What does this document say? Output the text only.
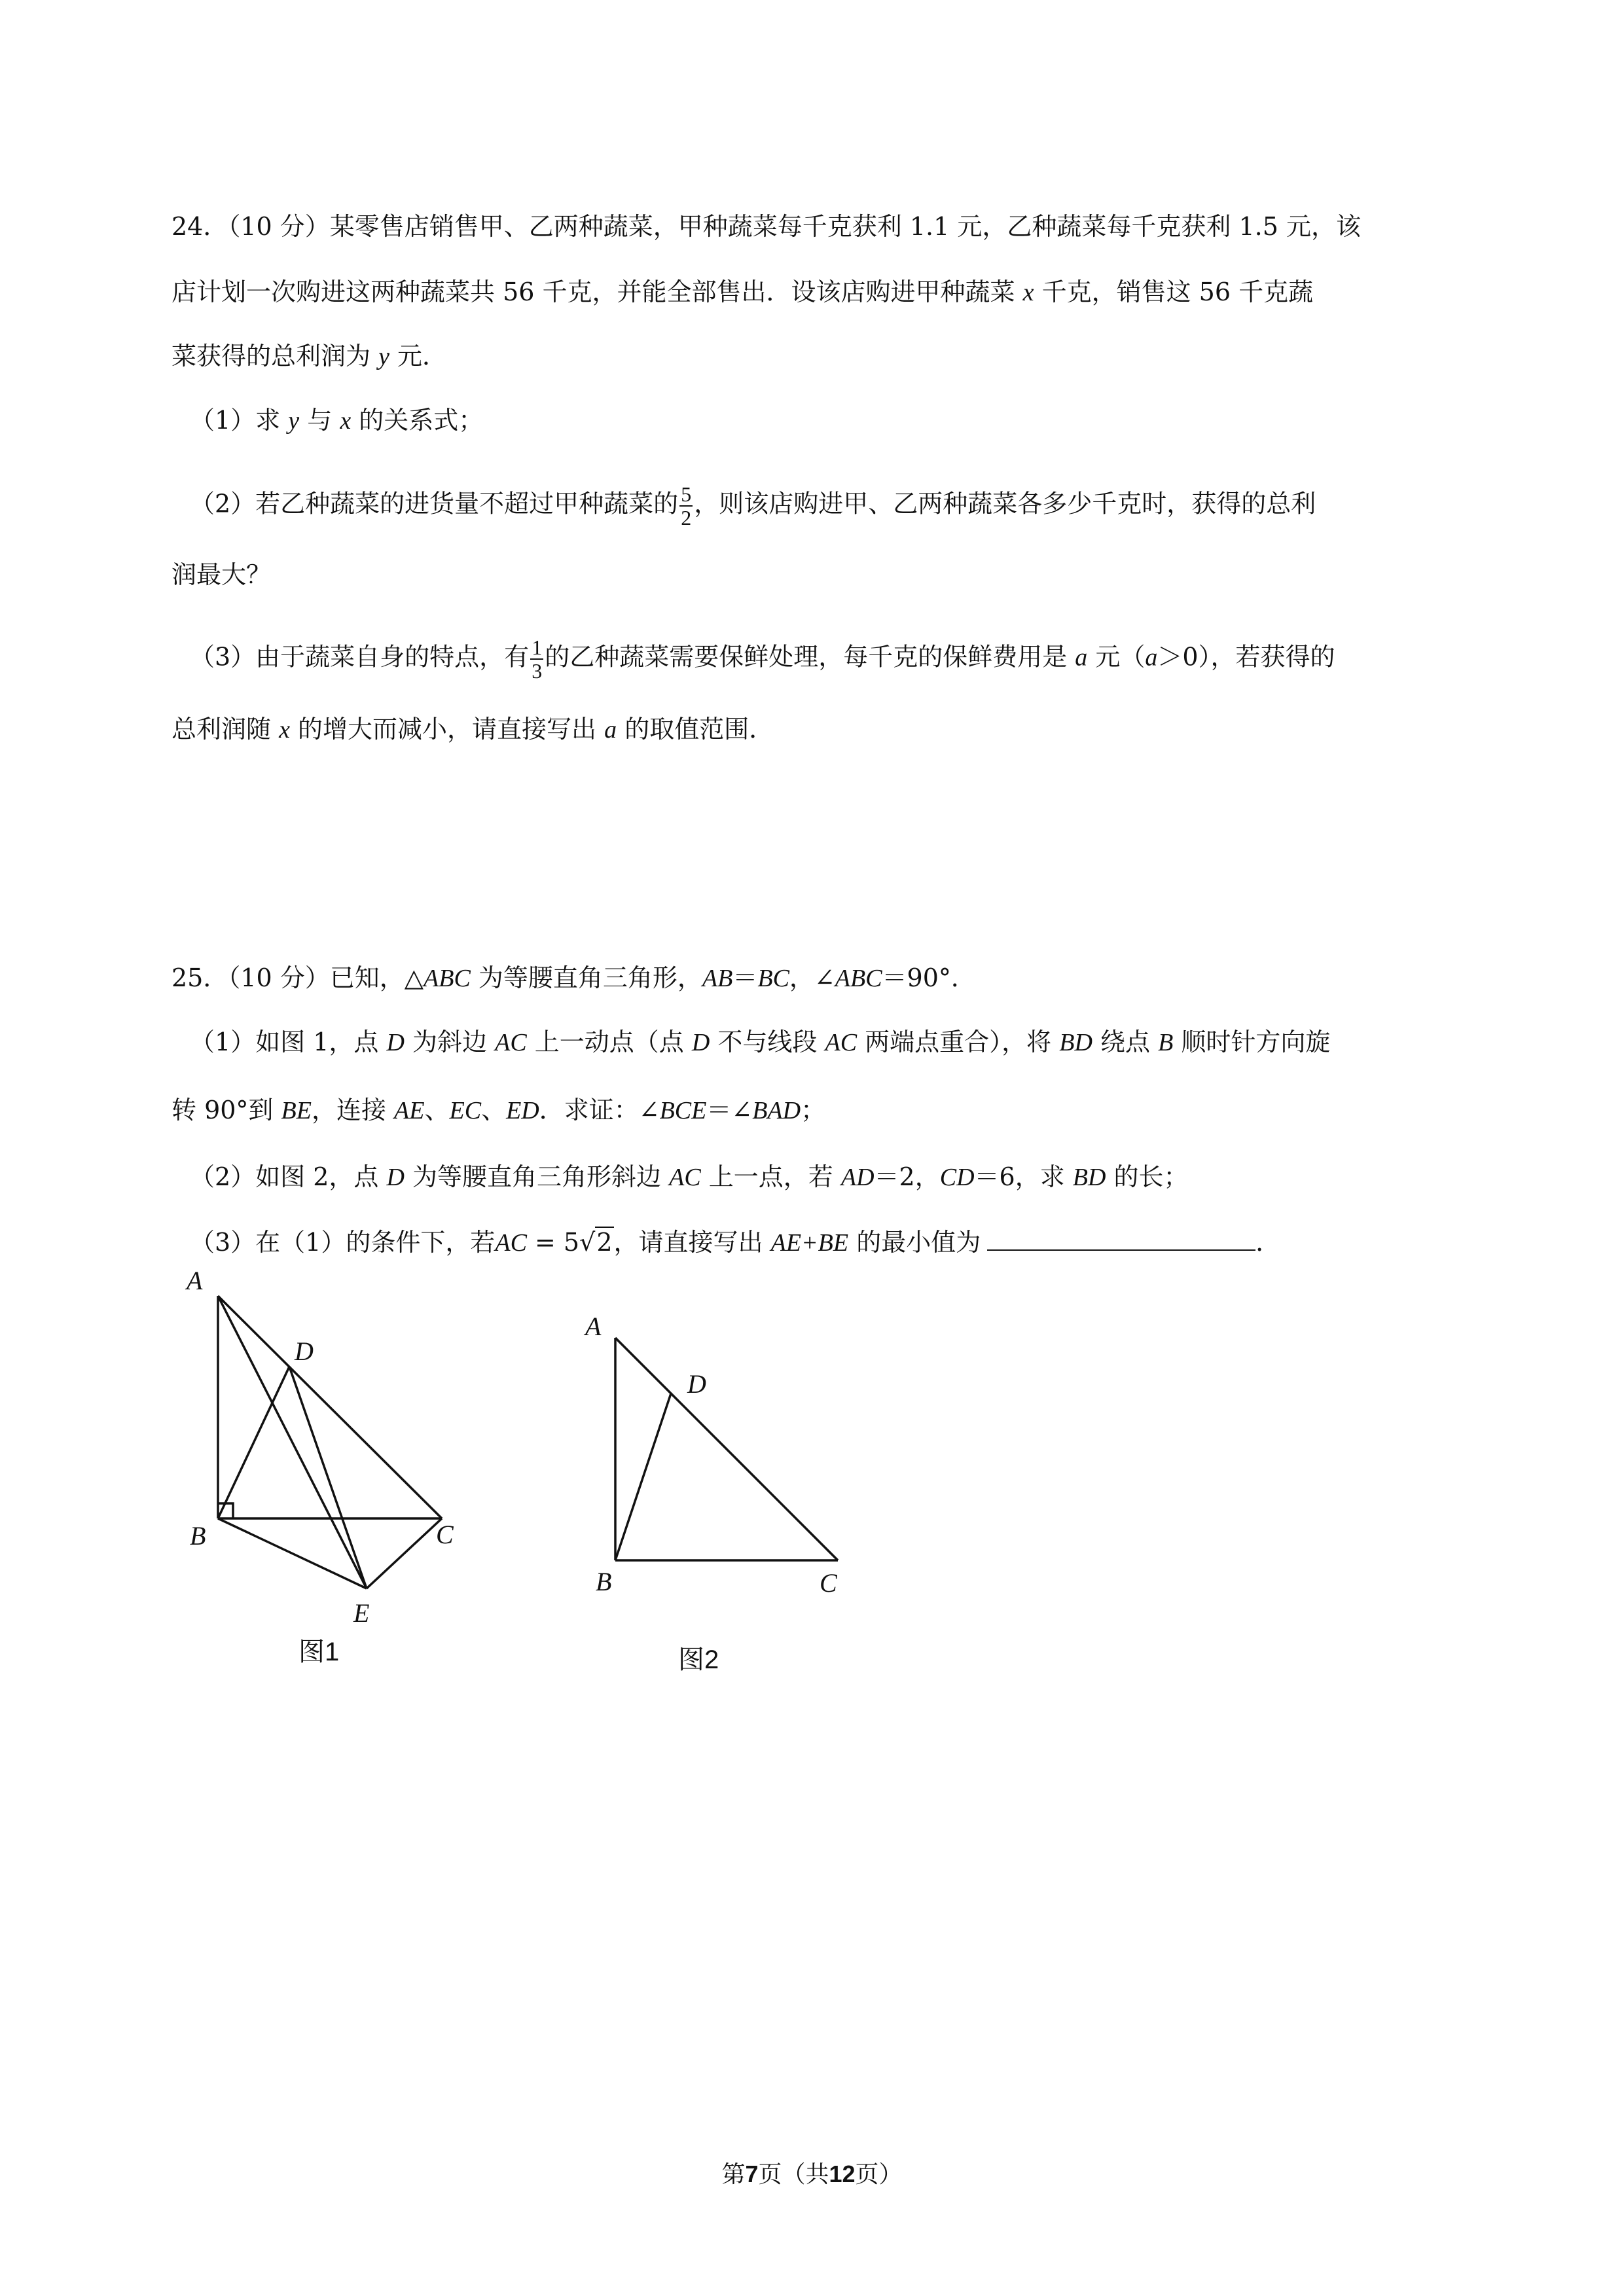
24．（10 分）某零售店销售甲、乙两种蔬菜，甲种蔬菜每千克获利 1.1 元，乙种蔬菜每千克获利 1.5 元，该
店计划一次购进这两种蔬菜共 56 千克，并能全部售出．设该店购进甲种蔬菜 x 千克，销售这 56 千克蔬
菜获得的总利润为 y 元．
（1）求 y 与 x 的关系式；
（2）若乙种蔬菜的进货量不超过甲种蔬菜的 $\frac{5}{2}$ ，则该店购进甲、乙两种蔬菜各多少千克时，获得的总利
润最大？
（3）由于蔬菜自身的特点，有 $\frac{1}{3}$ 的乙种蔬菜需要保鲜处理，每千克的保鲜费用是 a 元（a＞0），若获得的
总利润随 x 的增大而减小，请直接写出 a 的取值范围．
25．（10 分）已知，△ABC 为等腰直角三角形，AB＝BC，∠ABC＝90°．
（1）如图 1，点 D 为斜边 AC 上一动点（点 D 不与线段 AC 两端点重合），将 BD 绕点 B 顺时针方向旋
转 90°到 BE，连接 AE、EC、ED．求证：∠BCE＝∠BAD；
（2）如图 2，点 D 为等腰直角三角形斜边 AC 上一点，若 AD＝2，CD＝6，求 BD 的长；
（3）在（1）的条件下，若AC = 5√2，请直接写出 AE+BE 的最小值为	．
A
D
B	C
E
图1
A
D
B	C
图2
第7页（共12页）
